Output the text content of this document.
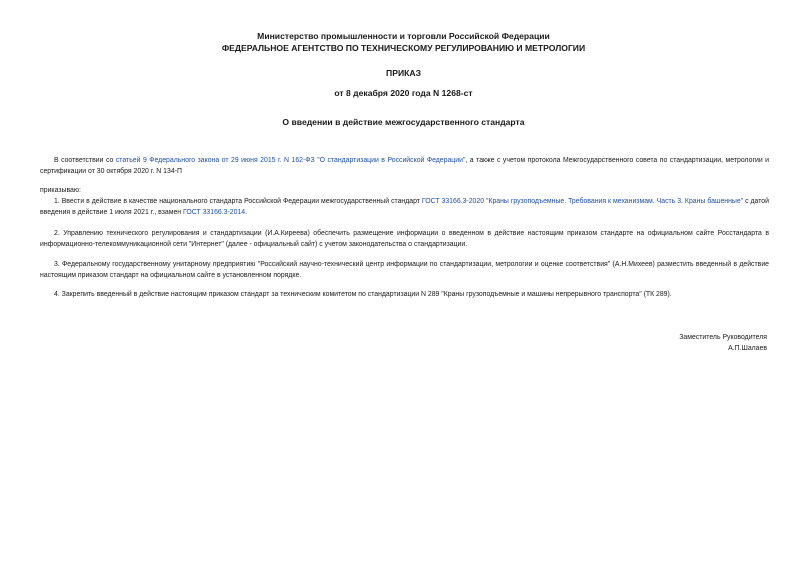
Министерство промышленности и торговли Российской Федерации
ФЕДЕРАЛЬНОЕ АГЕНТСТВО ПО ТЕХНИЧЕСКОМУ РЕГУЛИРОВАНИЮ И МЕТРОЛОГИИ
ПРИКАЗ
от 8 декабря 2020 года N 1268-ст
О введении в действие межгосударственного стандарта
В соответствии со статьей 9 Федерального закона от 29 июня 2015 г. N 162-ФЗ "О стандартизации в Российской Федерации", а также с учетом протокола Межгосударственного совета по стандартизации, метрологии и сертификации от 30 октября 2020 г. N 134-П
приказываю:
1. Ввести в действие в качестве национального стандарта Российской Федерации межгосударственный стандарт ГОСТ 33166.3-2020 "Краны грузоподъемные. Требования к механизмам. Часть 3. Краны башенные" с датой введения в действие 1 июля 2021 г., взамен ГОСТ 33166.3-2014.
2. Управлению технического регулирования и стандартизации (И.А.Киреева) обеспечить размещение информации о введенном в действие настоящим приказом стандарте на официальном сайте Росстандарта в информационно-телекоммуникационной сети "Интернет" (далее - официальный сайт) с учетом законодательства о стандартизации.
3. Федеральному государственному унитарному предприятию "Российский научно-технический центр информации по стандартизации, метрологии и оценке соответствия" (А.Н.Михеев) разместить введенный в действие настоящим приказом стандарт на официальном сайте в установленном порядке.
4. Закрепить введенный в действие настоящим приказом стандарт за техническим комитетом по стандартизации N 289 "Краны грузоподъемные и машины непрерывного транспорта" (ТК 289).
Заместитель Руководителя
А.П.Шалаев
